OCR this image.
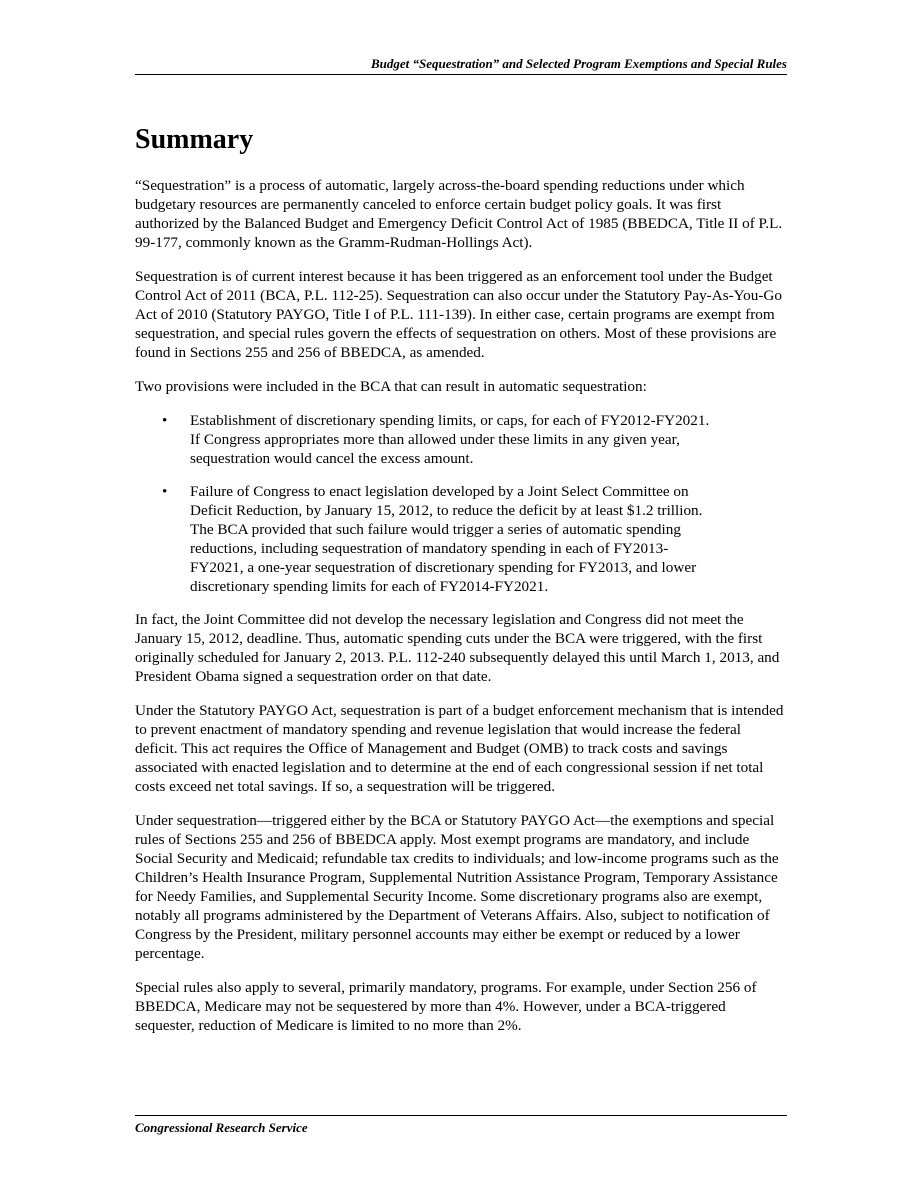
Budget “Sequestration” and Selected Program Exemptions and Special Rules
Summary

“Sequestration” is a process of automatic, largely across-the-board spending reductions under which budgetary resources are permanently canceled to enforce certain budget policy goals. It was first authorized by the Balanced Budget and Emergency Deficit Control Act of 1985 (BBEDCA, Title II of P.L. 99-177, commonly known as the Gramm-Rudman-Hollings Act).

Sequestration is of current interest because it has been triggered as an enforcement tool under the Budget Control Act of 2011 (BCA, P.L. 112-25). Sequestration can also occur under the Statutory Pay-As-You-Go Act of 2010 (Statutory PAYGO, Title I of P.L. 111-139). In either case, certain programs are exempt from sequestration, and special rules govern the effects of sequestration on others. Most of these provisions are found in Sections 255 and 256 of BBEDCA, as amended.

Two provisions were included in the BCA that can result in automatic sequestration:

• Establishment of discretionary spending limits, or caps, for each of FY2012-FY2021. If Congress appropriates more than allowed under these limits in any given year, sequestration would cancel the excess amount.
• Failure of Congress to enact legislation developed by a Joint Select Committee on Deficit Reduction, by January 15, 2012, to reduce the deficit by at least $1.2 trillion. The BCA provided that such failure would trigger a series of automatic spending reductions, including sequestration of mandatory spending in each of FY2013-FY2021, a one-year sequestration of discretionary spending for FY2013, and lower discretionary spending limits for each of FY2014-FY2021.

In fact, the Joint Committee did not develop the necessary legislation and Congress did not meet the January 15, 2012, deadline. Thus, automatic spending cuts under the BCA were triggered, with the first originally scheduled for January 2, 2013. P.L. 112-240 subsequently delayed this until March 1, 2013, and President Obama signed a sequestration order on that date.

Under the Statutory PAYGO Act, sequestration is part of a budget enforcement mechanism that is intended to prevent enactment of mandatory spending and revenue legislation that would increase the federal deficit. This act requires the Office of Management and Budget (OMB) to track costs and savings associated with enacted legislation and to determine at the end of each congressional session if net total costs exceed net total savings. If so, a sequestration will be triggered.

Under sequestration—triggered either by the BCA or Statutory PAYGO Act—the exemptions and special rules of Sections 255 and 256 of BBEDCA apply. Most exempt programs are mandatory, and include Social Security and Medicaid; refundable tax credits to individuals; and low-income programs such as the Children’s Health Insurance Program, Supplemental Nutrition Assistance Program, Temporary Assistance for Needy Families, and Supplemental Security Income. Some discretionary programs also are exempt, notably all programs administered by the Department of Veterans Affairs. Also, subject to notification of Congress by the President, military personnel accounts may either be exempt or reduced by a lower percentage.

Special rules also apply to several, primarily mandatory, programs. For example, under Section 256 of BBEDCA, Medicare may not be sequestered by more than 4%. However, under a BCA-triggered sequester, reduction of Medicare is limited to no more than 2%.

Congressional Research Service
